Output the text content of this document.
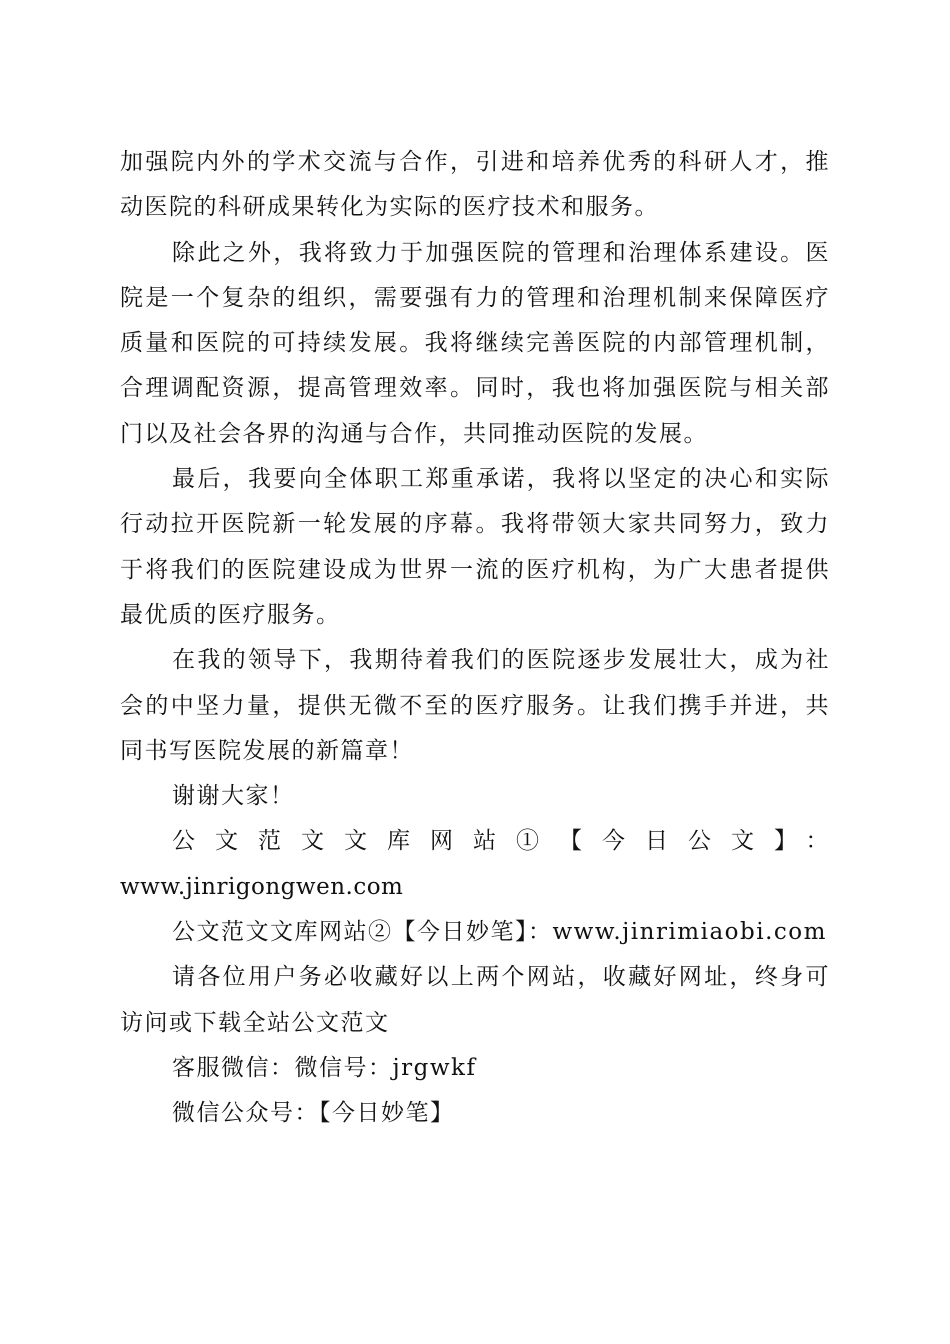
加强院内外的学术交流与合作，引进和培养优秀的科研人才，推动医院的科研成果转化为实际的医疗技术和服务。

除此之外，我将致力于加强医院的管理和治理体系建设。医院是一个复杂的组织，需要强有力的管理和治理机制来保障医疗质量和医院的可持续发展。我将继续完善医院的内部管理机制，合理调配资源，提高管理效率。同时，我也将加强医院与相关部门以及社会各界的沟通与合作，共同推动医院的发展。

最后，我要向全体职工郑重承诺，我将以坚定的决心和实际行动拉开医院新一轮发展的序幕。我将带领大家共同努力，致力于将我们的医院建设成为世界一流的医疗机构，为广大患者提供最优质的医疗服务。

在我的领导下，我期待着我们的医院逐步发展壮大，成为社会的中坚力量，提供无微不至的医疗服务。让我们携手并进，共同书写医院发展的新篇章！

谢谢大家！

公文范文文库网站①【今日公文】：
www.jinrigongwen.com

公文范文文库网站②【今日妙笔】：www.jinrimiaobi.com

请各位用户务必收藏好以上两个网站，收藏好网址，终身可访问或下载全站公文范文

客服微信：微信号：jrgwkf

微信公众号：【今日妙笔】
